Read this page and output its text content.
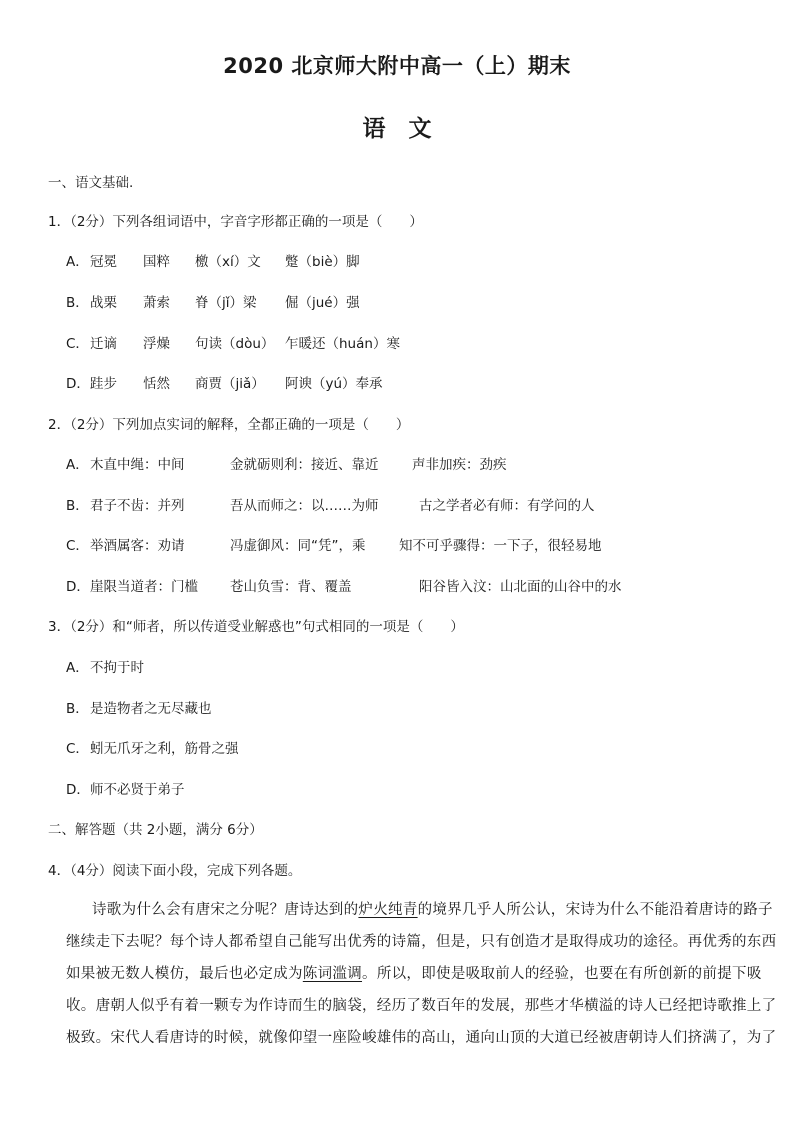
2020 北京师大附中高一（上）期末
语　文
一、语文基础.
1．（2分）下列各组词语中，字音字形都正确的一项是（　　）
A． 冠冕 国粹 檄（xí）文 蹩（biè）脚
B． 战栗 萧索 脊（jǐ）梁 倔（jué）强
C． 迁谪 浮燥 句读（dòu） 乍暖还（huán）寒
D． 跬步 恬然 商贾（jiǎ） 阿谀（yú）奉承
2．（2分）下列加点实词的解释，全都正确的一项是（　　）
A． 木直中绳：中间	金就砺则利：接近、靠近 声非加疾：劲疾
B． 君子不齿：并列	吾从而师之：以……为师	古之学者必有师：有学问的人
C． 举酒属客：劝请	冯虚御风：同“凭”，乘 知不可乎骤得：一下子，很轻易地
D． 崖限当道者：门槛 苍山负雪：背、覆盖	阳谷皆入汶：山北面的山谷中的水
3．（2分）和“师者，所以传道受业解惑也”句式相同的一项是（　　）
A． 不拘于时
B． 是造物者之无尽藏也
C． 蚓无爪牙之利，筋骨之强
D． 师不必贤于弟子
二、解答题（共 2小题，满分 6分）
4．（4分）阅读下面小段，完成下列各题。
诗歌为什么会有唐宋之分呢？唐诗达到的炉火纯青的境界几乎人所公认，宋诗为什么不能沿着唐诗的路子
继续走下去呢？每个诗人都希望自己能写出优秀的诗篇，但是，只有创造才是取得成功的途径。再优秀的东西
如果被无数人模仿，最后也必定成为陈词滥调。所以，即使是吸取前人的经验，也要在有所创新的前提下吸
收。唐朝人似乎有着一颗专为作诗而生的脑袋，经历了数百年的发展，那些才华横溢的诗人已经把诗歌推上了
极致。宋代人看唐诗的时候，就像仰望一座险峻雄伟的高山，通向山顶的大道已经被唐朝诗人们挤满了，为了
